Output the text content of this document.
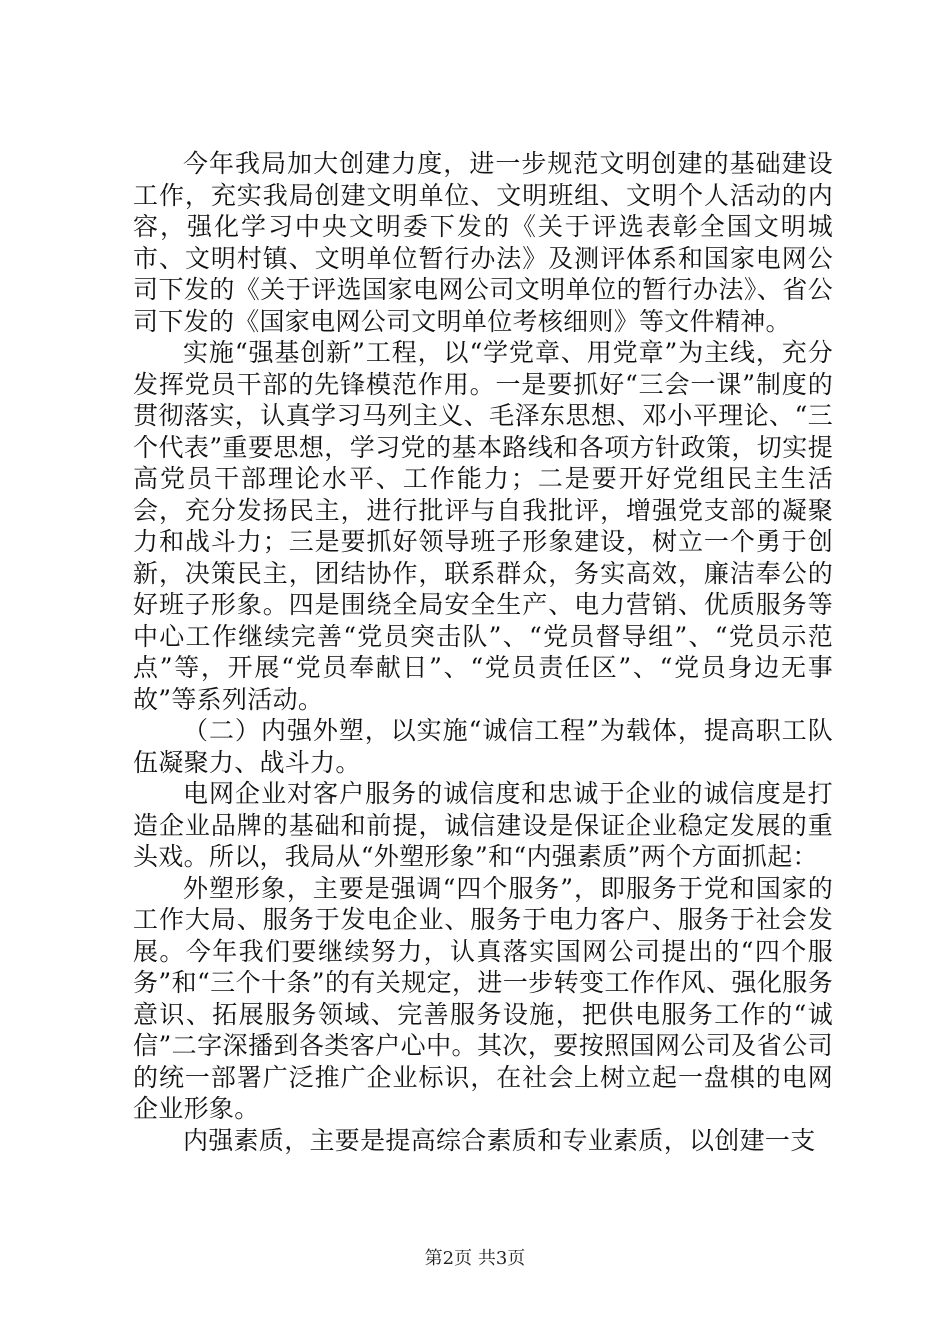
今年我局加大创建力度，进一步规范文明创建的基础建设工作，充实我局创建文明单位、文明班组、文明个人活动的内容，强化学习中央文明委下发的《关于评选表彰全国文明城市、文明村镇、文明单位暂行办法》及测评体系和国家电网公司下发的《关于评选国家电网公司文明单位的暂行办法》、省公司下发的《国家电网公司文明单位考核细则》等文件精神。

实施“强基创新”工程，以“学党章、用党章”为主线，充分发挥党员干部的先锋模范作用。一是要抓好“三会一课”制度的贯彻落实，认真学习马列主义、毛泽东思想、邓小平理论、“三个代表”重要思想，学习党的基本路线和各项方针政策，切实提高党员干部理论水平、工作能力；二是要开好党组民主生活会，充分发扬民主，进行批评与自我批评，增强党支部的凝聚力和战斗力；三是要抓好领导班子形象建设，树立一个勇于创新，决策民主，团结协作，联系群众，务实高效，廉洁奉公的好班子形象。四是围绕全局安全生产、电力营销、优质服务等中心工作继续完善“党员突击队”、“党员督导组”、“党员示范点”等，开展“党员奉献日”、“党员责任区”、“党员身边无事故”等系列活动。

（二）内强外塑，以实施“诚信工程”为载体，提高职工队伍凝聚力、战斗力。

电网企业对客户服务的诚信度和忠诚于企业的诚信度是打造企业品牌的基础和前提，诚信建设是保证企业稳定发展的重头戏。所以，我局从“外塑形象”和“内强素质”两个方面抓起：

外塑形象，主要是强调“四个服务”，即服务于党和国家的工作大局、服务于发电企业、服务于电力客户、服务于社会发展。今年我们要继续努力，认真落实国网公司提出的“四个服务”和“三个十条”的有关规定，进一步转变工作作风、强化服务意识、拓展服务领域、完善服务设施，把供电服务工作的“诚信”二字深播到各类客户心中。其次，要按照国网公司及省公司的统一部署广泛推广企业标识，在社会上树立起一盘棋的电网企业形象。

内强素质，主要是提高综合素质和专业素质，以创建一支

第2页 共3页
